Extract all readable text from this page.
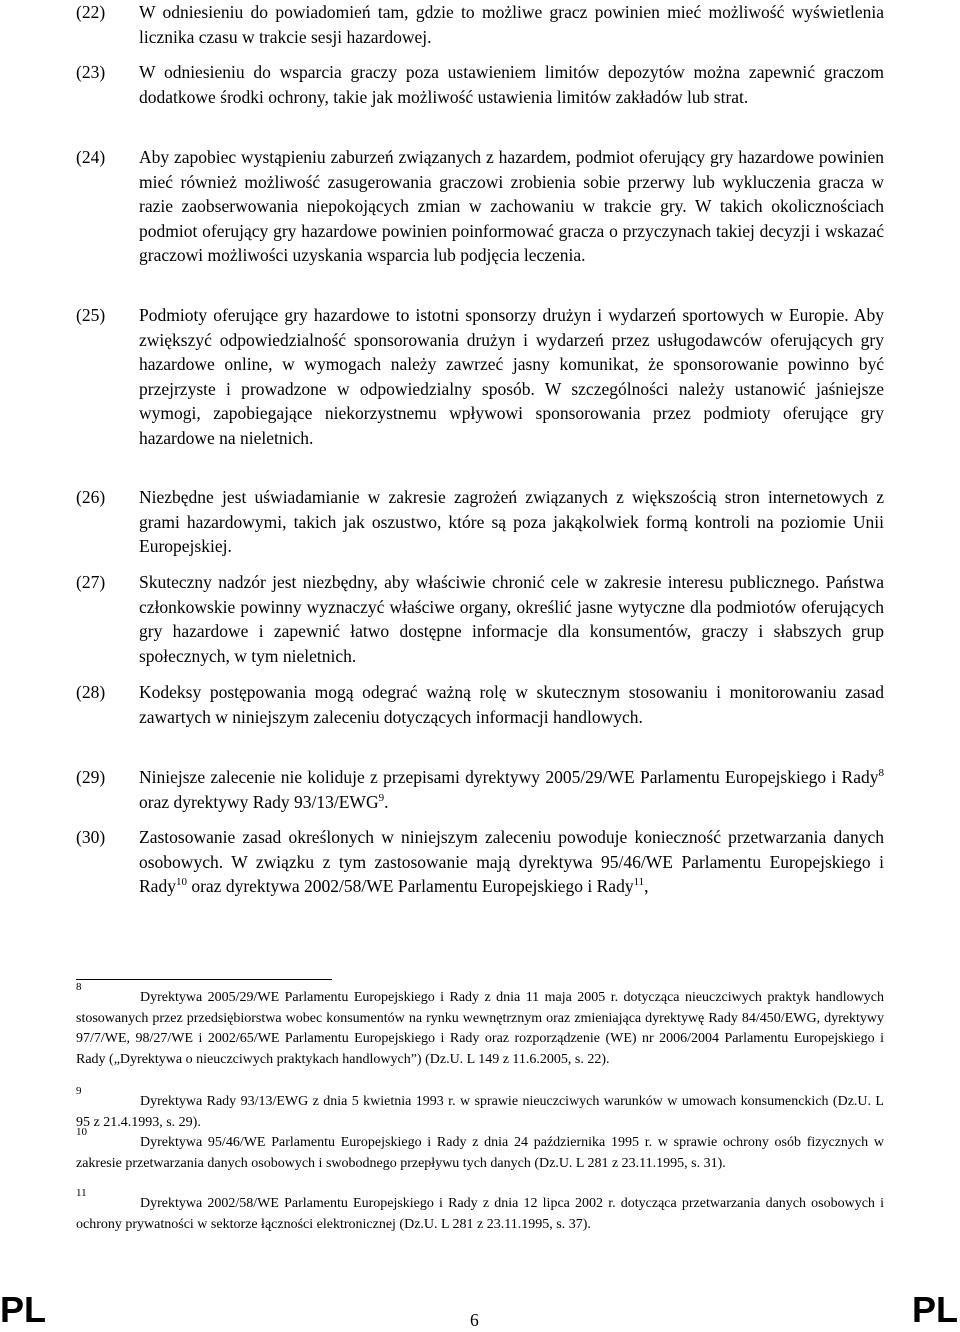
(22) W odniesieniu do powiadomień tam, gdzie to możliwe gracz powinien mieć możliwość wyświetlenia licznika czasu w trakcie sesji hazardowej.

(23) W odniesieniu do wsparcia graczy poza ustawieniem limitów depozytów można zapewnić graczom dodatkowe środki ochrony, takie jak możliwość ustawienia limitów zakładów lub strat.

(24) Aby zapobiec wystąpieniu zaburzeń związanych z hazardem, podmiot oferujący gry hazardowe powinien mieć również możliwość zasugerowania graczowi zrobienia sobie przerwy lub wykluczenia gracza w razie zaobserwowania niepokojących zmian w zachowaniu w trakcie gry. W takich okolicznościach podmiot oferujący gry hazardowe powinien poinformować gracza o przyczynach takiej decyzji i wskazać graczowi możliwości uzyskania wsparcia lub podjęcia leczenia.

(25) Podmioty oferujące gry hazardowe to istotni sponsorzy drużyn i wydarzeń sportowych w Europie. Aby zwiększyć odpowiedzialność sponsorowania drużyn i wydarzeń przez usługodawców oferujących gry hazardowe online, w wymogach należy zawrzeć jasny komunikat, że sponsorowanie powinno być przejrzyste i prowadzone w odpowiedzialny sposób. W szczególności należy ustanowić jaśniejsze wymogi, zapobiegające niekorzystnemu wpływowi sponsorowania przez podmioty oferujące gry hazardowe na nieletnich.

(26) Niezbędne jest uświadamianie w zakresie zagrożeń związanych z większością stron internetowych z grami hazardowymi, takich jak oszustwo, które są poza jakąkolwiek formą kontroli na poziomie Unii Europejskiej.

(27) Skuteczny nadzór jest niezbędny, aby właściwie chronić cele w zakresie interesu publicznego. Państwa członkowskie powinny wyznaczyć właściwe organy, określić jasne wytyczne dla podmiotów oferujących gry hazardowe i zapewnić łatwo dostępne informacje dla konsumentów, graczy i słabszych grup społecznych, w tym nieletnich.

(28) Kodeksy postępowania mogą odegrać ważną rolę w skutecznym stosowaniu i monitorowaniu zasad zawartych w niniejszym zaleceniu dotyczących informacji handlowych.

(29) Niniejsze zalecenie nie koliduje z przepisami dyrektywy 2005/29/WE Parlamentu Europejskiego i Rady$^8$ oraz dyrektywy Rady 93/13/EWG$^9$.

(30) Zastosowanie zasad określonych w niniejszym zaleceniu powoduje konieczność przetwarzania danych osobowych. W związku z tym zastosowanie mają dyrektywa 95/46/WE Parlamentu Europejskiego i Rady$^{10}$ oraz dyrektywa 2002/58/WE Parlamentu Europejskiego i Rady$^{11}$,

8

Dyrektywa 2005/29/WE Parlamentu Europejskiego i Rady z dnia 11 maja 2005 r. dotycząca nieuczciwych praktyk handlowych stosowanych przez przedsiębiorstwa wobec konsumentów na rynku wewnętrznym oraz zmieniająca dyrektywę Rady 84/450/EWG, dyrektywy 97/7/WE, 98/27/WE i 2002/65/WE Parlamentu Europejskiego i Rady oraz rozporządzenie (WE) nr 2006/2004 Parlamentu Europejskiego i Rady („Dyrektywa o nieuczciwych praktykach handlowych”) (Dz.U. L 149 z 11.6.2005, s. 22).

9

Dyrektywa Rady 93/13/EWG z dnia 5 kwietnia 1993 r. w sprawie nieuczciwych warunków w umowach konsumenckich (Dz.U. L 95 z 21.4.1993, s. 29).

10

Dyrektywa 95/46/WE Parlamentu Europejskiego i Rady z dnia 24 października 1995 r. w sprawie ochrony osób fizycznych w zakresie przetwarzania danych osobowych i swobodnego przepływu tych danych (Dz.U. L 281 z 23.11.1995, s. 31).

11

Dyrektywa 2002/58/WE Parlamentu Europejskiego i Rady z dnia 12 lipca 2002 r. dotycząca przetwarzania danych osobowych i ochrony prywatności w sektorze łączności elektronicznej (Dz.U. L 281 z 23.11.1995, s. 37).

PL	6	PL
